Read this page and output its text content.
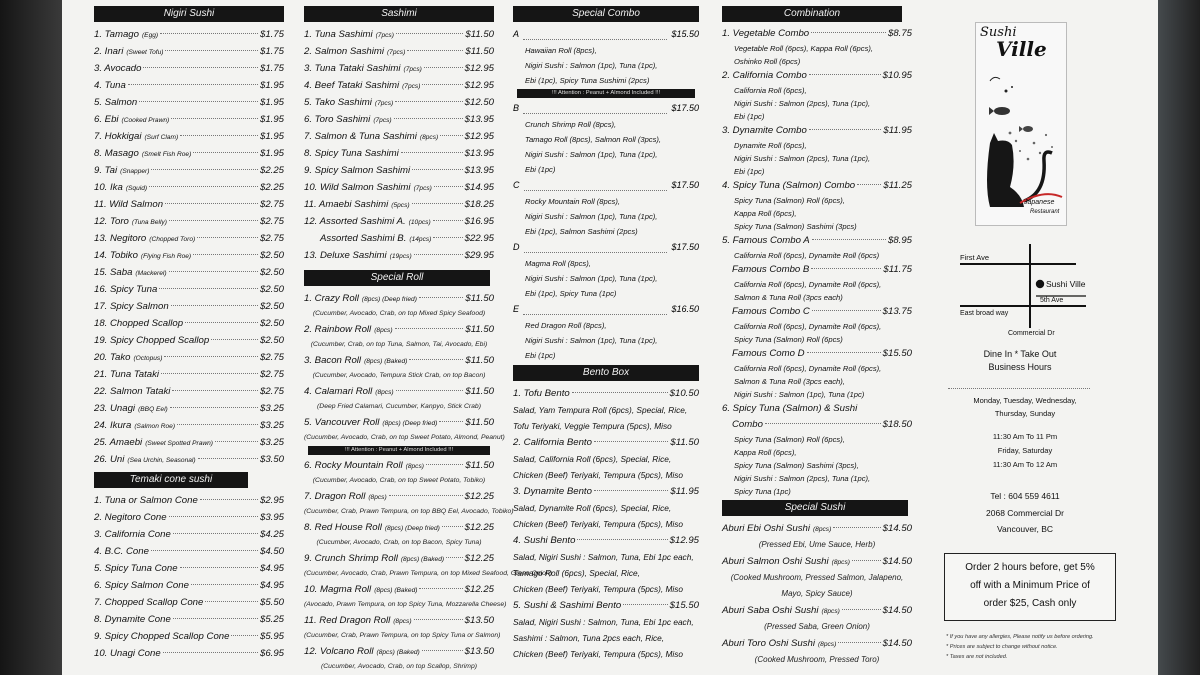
Nigiri Sushi
1. Tamago (Egg)	$1.75
2. Inari (Sweet Tofu)	$1.75
3. Avocado	$1.75
4. Tuna	$1.95
5. Salmon	$1.95
6. Ebi (Cooked Prawn)	$1.95
7. Hokkigai (Surf Clam)	$1.95
8. Masago (Smelt Fish Roe)	$1.95
9. Tai (Snapper)	$2.25
10. Ika (Squid)	$2.25
11. Wild Salmon	$2.75
12. Toro (Tuna Belly)	$2.75
13. Negitoro (Chopped Toro)	$2.75
14. Tobiko (Flying Fish Roe)	$2.50
15. Saba (Mackerel)	$2.50
16. Spicy Tuna	$2.50
17. Spicy Salmon	$2.50
18. Chopped Scallop	$2.50
19. Spicy Chopped Scallop	$2.50
20. Tako (Octopus)	$2.75
21. Tuna Tataki	$2.75
22. Salmon Tataki	$2.75
23. Unagi (BBQ Eel)	$3.25
24. Ikura (Salmon Roe)	$3.25
25. Amaebi (Sweet Spotted Prawn)	$3.25
26. Uni (Sea Urchin, Seasonal)	$3.50
Temaki cone sushi
1. Tuna or Salmon Cone	$2.95
2. Negitoro Cone	$3.95
3. California Cone	$4.25
4. B.C. Cone	$4.50
5. Spicy Tuna Cone	$4.95
6. Spicy Salmon Cone	$4.95
7. Chopped Scallop Cone	$5.50
8. Dynamite Cone	$5.25
9. Spicy Chopped Scallop Cone	$5.95
10. Unagi Cone	$6.95
Sashimi
1. Tuna Sashimi (7pcs)	$11.50
2. Salmon Sashimi (7pcs)	$11.50
3. Tuna Tataki Sashimi (7pcs)	$12.95
4. Beef Tataki Sashimi (7pcs)	$12.95
5. Tako Sashimi (7pcs)	$12.50
6. Toro Sashimi (7pcs)	$13.95
7. Salmon & Tuna Sashimi (8pcs)	$12.95
8. Spicy Tuna Sashimi	$13.95
9. Spicy Salmon Sashimi	$13.95
10. Wild Salmon Sashimi (7pcs)	$14.95
11. Amaebi Sashimi (5pcs)	$18.25
12. Assorted Sashimi A. (10pcs)	$16.95
Assorted Sashimi B. (14pcs)	$22.95
13. Deluxe Sashimi (19pcs)	$29.95
Special Roll
1. Crazy Roll (8pcs) (Deep fried)	$11.50
(Cucumber, Avocado, Crab, on top Mixed Spicy Seafood)
2. Rainbow Roll (8pcs)	$11.50
(Cucumber, Crab, on top Tuna, Salmon, Tai, Avocado, Ebi)
3. Bacon Roll (8pcs) (Baked)	$11.50
(Cucumber, Avocado, Tempura Stick Crab, on top Bacon)
4. Calamari Roll (8pcs)	$11.50
(Deep Fried Calamari, Cucumber, Kanpyo, Stick Crab)
5. Vancouver Roll (8pcs) (Deep fried)	$11.50
(Cucumber, Avocado, Crab, on top Sweet Potato, Almond, Peanut)
!!! Attention : Peanut + Almond Included !!!
6. Rocky Mountain Roll (8pcs)	$11.50
(Cucumber, Avocado, Crab, on top Sweet Potato, Tobiko)
7. Dragon Roll (8pcs)	$12.25
(Cucumber, Crab, Prawn Tempura, on top BBQ Eel, Avocado, Tobiko)
8. Red House Roll (8pcs) (Deep fried)	$12.25
(Cucumber, Avocado, Crab, on top Bacon, Spicy Tuna)
9. Crunch Shrimp Roll (8pcs) (Baked) $12.25
(Cucumber, Avocado, Crab, Prawn Tempura, on top Mixed Seafood, Green Onion)
10. Magma Roll (8pcs) (Baked)	$12.25
(Avocado, Prawn Tempura, on top Spicy Tuna, Mozzarella Cheese)
11. Red Dragon Roll (8pcs)	$13.50
(Cucumber, Crab, Prawn Tempura, on top Spicy Tuna or Salmon)
12. Volcano Roll (8pcs) (Baked)	$13.50
(Cucumber, Avocado, Crab, on top Scallop, Shrimp)
Special Combo
A	$15.50
Hawaiian Roll (8pcs),
Nigiri Sushi : Salmon (1pc), Tuna (1pc),
Ebi (1pc), Spicy Tuna Sushimi (2pcs)
!!! Attention : Peanut + Almond Included !!!
B	$17.50
Crunch Shrimp Roll (8pcs),
Tamago Roll (8pcs), Salmon Roll (3pcs),
Nigiri Sushi : Salmon (1pc), Tuna (1pc),
Ebi (1pc)
C	$17.50
Rocky Mountain Roll (8pcs),
Nigiri Sushi : Salmon (1pc), Tuna (1pc),
Ebi (1pc), Salmon Sashimi (2pcs)
D	$17.50
Magma Roll (8pcs),
Nigiri Sushi : Salmon (1pc), Tuna (1pc),
Ebi (1pc), Spicy Tuna (1pc)
E	$16.50
Red Dragon Roll (8pcs),
Nigiri Sushi : Salmon (1pc), Tuna (1pc),
Ebi (1pc)
Bento Box
1. Tofu Bento	$10.50
Salad, Yam Tempura Roll (6pcs), Special, Rice,
Tofu Teriyaki, Veggie Tempura (5pcs), Miso
2. California Bento	$11.50
Salad, California Roll (6pcs), Special, Rice,
Chicken (Beef) Teriyaki, Tempura (5pcs), Miso
3. Dynamite Bento	$11.95
Salad, Dynamite Roll (6pcs), Special, Rice,
Chicken (Beef) Teriyaki, Tempura (5pcs), Miso
4. Sushi Bento	$12.95
Salad, Nigiri Sushi : Salmon, Tuna, Ebi 1pc each,
Tamago Roll (6pcs), Special, Rice,
Chicken (Beef) Teriyaki, Tempura (5pcs), Miso
5. Sushi & Sashimi Bento	$15.50
Salad, Nigiri Sushi : Salmon, Tuna, Ebi 1pc each,
Sashimi : Salmon, Tuna 2pcs each, Rice,
Chicken (Beef) Teriyaki, Tempura (5pcs), Miso
Combination
1. Vegetable Combo	$8.75
Vegetable Roll (6pcs), Kappa Roll (6pcs),
Oshinko Roll (6pcs)
2. California Combo	$10.95
California Roll (6pcs),
Nigiri Sushi : Salmon (2pcs), Tuna (1pc),
Ebi (1pc)
3. Dynamite Combo	$11.95
Dynamite Roll (6pcs),
Nigiri Sushi : Salmon (2pcs), Tuna (1pc),
Ebi (1pc)
4. Spicy Tuna (Salmon) Combo	$11.25
Spicy Tuna (Salmon) Roll (6pcs),
Kappa Roll (6pcs),
Spicy Tuna (Salmon) Sashimi (3pcs)
5. Famous Combo A	$8.95
California Roll (6pcs), Dynamite Roll (6pcs)
Famous Combo B	$11.75
California Roll (6pcs), Dynamite Roll (6pcs),
Salmon & Tuna Roll (3pcs each)
Famous Combo C	$13.75
California Roll (6pcs), Dynamite Roll (6pcs),
Spicy Tuna (Salmon) Roll (6pcs)
Famous Como D	$15.50
California Roll (6pcs), Dynamite Roll (6pcs),
Salmon & Tuna Roll (3pcs each),
Nigiri Sushi : Salmon (1pc), Tuna (1pc)
6. Spicy Tuna (Salmon) & Sushi
Combo	$18.50
Spicy Tuna (Salmon) Roll (6pcs),
Kappa Roll (6pcs),
Spicy Tuna (Salmon) Sashimi (3pcs),
Nigiri Sushi : Salmon (2pcs), Tuna (1pc),
Spicy Tuna (1pc)
Special Sushi
Aburi Ebi Oshi Sushi (8pcs)	$14.50
(Pressed Ebi, Ume Sauce, Herb)
Aburi Salmon Oshi Sushi (8pcs)	$14.50
(Cooked Mushroom, Pressed Salmon, Jalapeno, Mayo, Spicy Sauce)
Aburi Saba Oshi Sushi (8pcs)	$14.50
(Pressed Saba, Green Onion)
Aburi Toro Oshi Sushi (8pcs)	$14.50
(Cooked Mushroom, Pressed Toro)
Sushi
Ville
Japanese
Restaurant
First Ave
Sushi Ville
5th Ave
East broad way
Commercial Dr
Dine In * Take Out
Business Hours
Monday, Tuesday, Wednesday,
Thursday, Sunday
11:30 Am To 11 Pm
Friday, Saturday
11:30 Am To 12 Am
Tel : 604 559 4611
2068 Commercial Dr
Vancouver, BC
Order 2 hours before, get 5%
off with a Minimum Price of
order $25, Cash only
* If you have any allergies, Please notify us before ordering.
* Prices are subject to change without notice.
* Taxes are not included.
